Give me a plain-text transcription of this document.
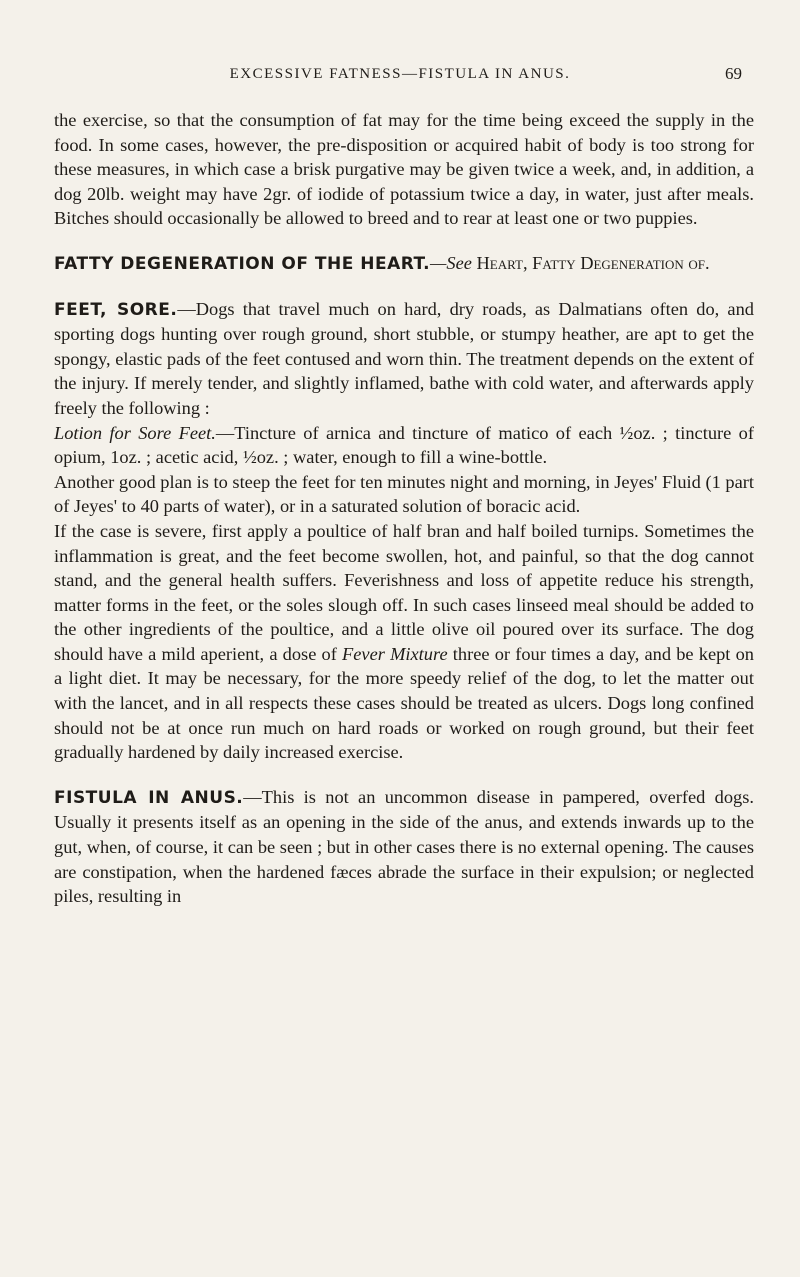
EXCESSIVE FATNESS—FISTULA IN ANUS.	69

the exercise, so that the consumption of fat may for the time being exceed the supply in the food. In some cases, however, the pre-disposition or acquired habit of body is too strong for these measures, in which case a brisk purgative may be given twice a week, and, in addition, a dog 20lb. weight may have 2gr. of iodide of potassium twice a day, in water, just after meals. Bitches should occasionally be allowed to breed and to rear at least one or two puppies.

FATTY DEGENERATION OF THE HEART.—See Heart, Fatty Degeneration of.

FEET, SORE.—Dogs that travel much on hard, dry roads, as Dalmatians often do, and sporting dogs hunting over rough ground, short stubble, or stumpy heather, are apt to get the spongy, elastic pads of the feet contused and worn thin. The treatment depends on the extent of the injury. If merely tender, and slightly inflamed, bathe with cold water, and afterwards apply freely the following :

Lotion for Sore Feet.—Tincture of arnica and tincture of matico of each ½oz. ; tincture of opium, 1oz. ; acetic acid, ½oz. ; water, enough to fill a wine-bottle.

Another good plan is to steep the feet for ten minutes night and morning, in Jeyes' Fluid (1 part of Jeyes' to 40 parts of water), or in a saturated solution of boracic acid.

If the case is severe, first apply a poultice of half bran and half boiled turnips. Sometimes the inflammation is great, and the feet become swollen, hot, and painful, so that the dog cannot stand, and the general health suffers. Feverishness and loss of appetite reduce his strength, matter forms in the feet, or the soles slough off. In such cases linseed meal should be added to the other ingredients of the poultice, and a little olive oil poured over its surface. The dog should have a mild aperient, a dose of Fever Mixture three or four times a day, and be kept on a light diet. It may be necessary, for the more speedy relief of the dog, to let the matter out with the lancet, and in all respects these cases should be treated as ulcers. Dogs long confined should not be at once run much on hard roads or worked on rough ground, but their feet gradually hardened by daily increased exercise.

FISTULA IN ANUS.—This is not an uncommon disease in pampered, overfed dogs. Usually it presents itself as an opening in the side of the anus, and extends inwards up to the gut, when, of course, it can be seen ; but in other cases there is no external opening. The causes are constipation, when the hardened fæces abrade the surface in their expulsion; or neglected piles, resulting in
